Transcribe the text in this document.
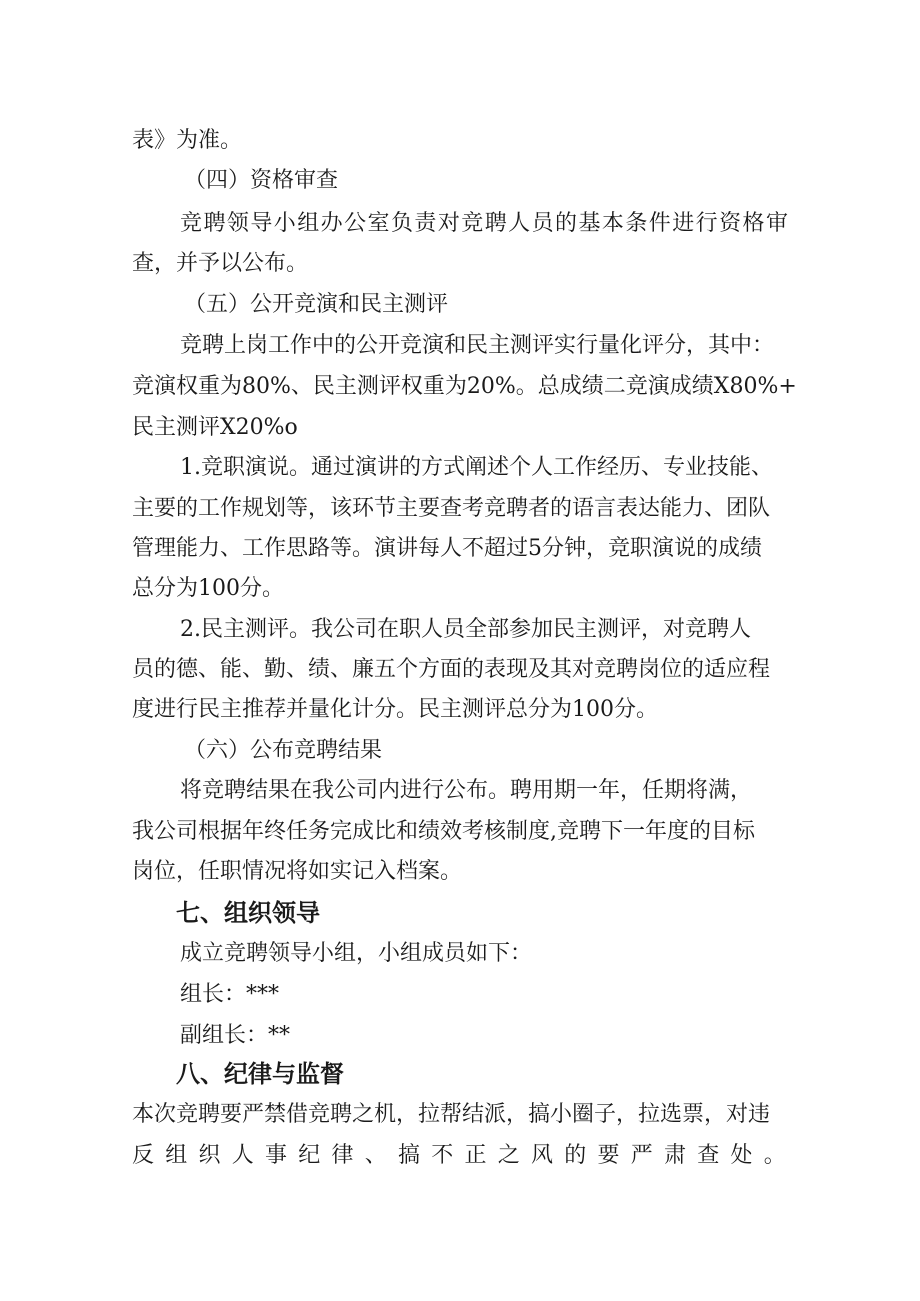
表》为准。
（四）资格审查
竞 聘 领 导 小 组 办 公 室 负 责 对 竞 聘 人 员 的 基 本 条 件 进 行 资 格 审
查，并予以公布。
（五）公开竞演和民主测评
竞聘上岗工作中的公开竞演和民主测评实行量化评分，其中：
竞演权重为80%、民主测评权重为20%。总成绩二竞演成绩X80%+
民主测评X20%o
1.竞职演说。通过演讲的方式阐述个人工作经历、专业技能、
主要的工作规划等，该环节主要查考竞聘者的语言表达能力、团队
管理能力、工作思路等。演讲每人不超过5分钟，竞职演说的成绩
总分为100分。
2.民主测评。我公司在职人员全部参加民主测评，对竞聘人
员的德、能、勤、绩、廉五个方面的表现及其对竞聘岗位的适应程
度进行民主推荐并量化计分。民主测评总分为100分。
（六）公布竞聘结果
将竞聘结果在我公司内进行公布。聘用期一年，任期将满，
我公司根据年终任务完成比和绩效考核制度,竞聘下一年度的目标
岗位，任职情况将如实记入档案。
七、组织领导
成立竞聘领导小组，小组成员如下：
组长：***
副组长：**
八、纪律与监督
本次竞聘要严禁借竞聘之机，拉帮结派，搞小圈子，拉选票，对违
反 组 织 人 事 纪 律 、 搞 不 正 之 风 的 要 严 肃 查 处 。
